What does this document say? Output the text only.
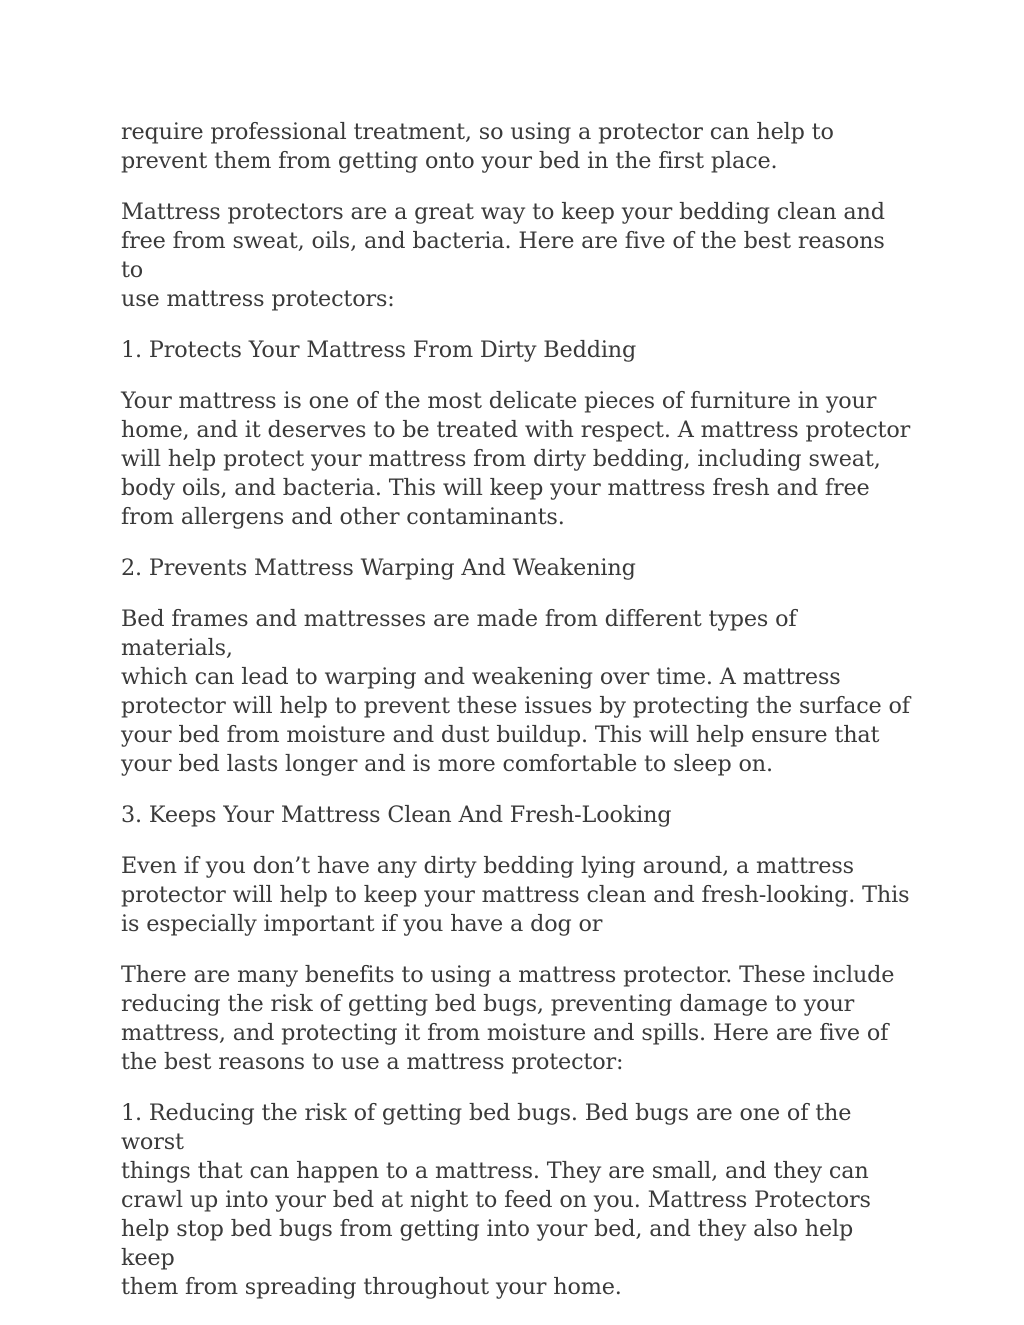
require professional treatment, so using a protector can help to
prevent them from getting onto your bed in the first place.

Mattress protectors are a great way to keep your bedding clean and
free from sweat, oils, and bacteria. Here are five of the best reasons to
use mattress protectors:

1. Protects Your Mattress From Dirty Bedding

Your mattress is one of the most delicate pieces of furniture in your
home, and it deserves to be treated with respect. A mattress protector
will help protect your mattress from dirty bedding, including sweat,
body oils, and bacteria. This will keep your mattress fresh and free
from allergens and other contaminants.

2. Prevents Mattress Warping And Weakening

Bed frames and mattresses are made from different types of materials,
which can lead to warping and weakening over time. A mattress
protector will help to prevent these issues by protecting the surface of
your bed from moisture and dust buildup. This will help ensure that
your bed lasts longer and is more comfortable to sleep on.

3. Keeps Your Mattress Clean And Fresh-Looking

Even if you don’t have any dirty bedding lying around, a mattress
protector will help to keep your mattress clean and fresh-looking. This
is especially important if you have a dog or

There are many benefits to using a mattress protector. These include
reducing the risk of getting bed bugs, preventing damage to your
mattress, and protecting it from moisture and spills. Here are five of
the best reasons to use a mattress protector:

1. Reducing the risk of getting bed bugs. Bed bugs are one of the worst
things that can happen to a mattress. They are small, and they can
crawl up into your bed at night to feed on you. Mattress Protectors
help stop bed bugs from getting into your bed, and they also help keep
them from spreading throughout your home.
